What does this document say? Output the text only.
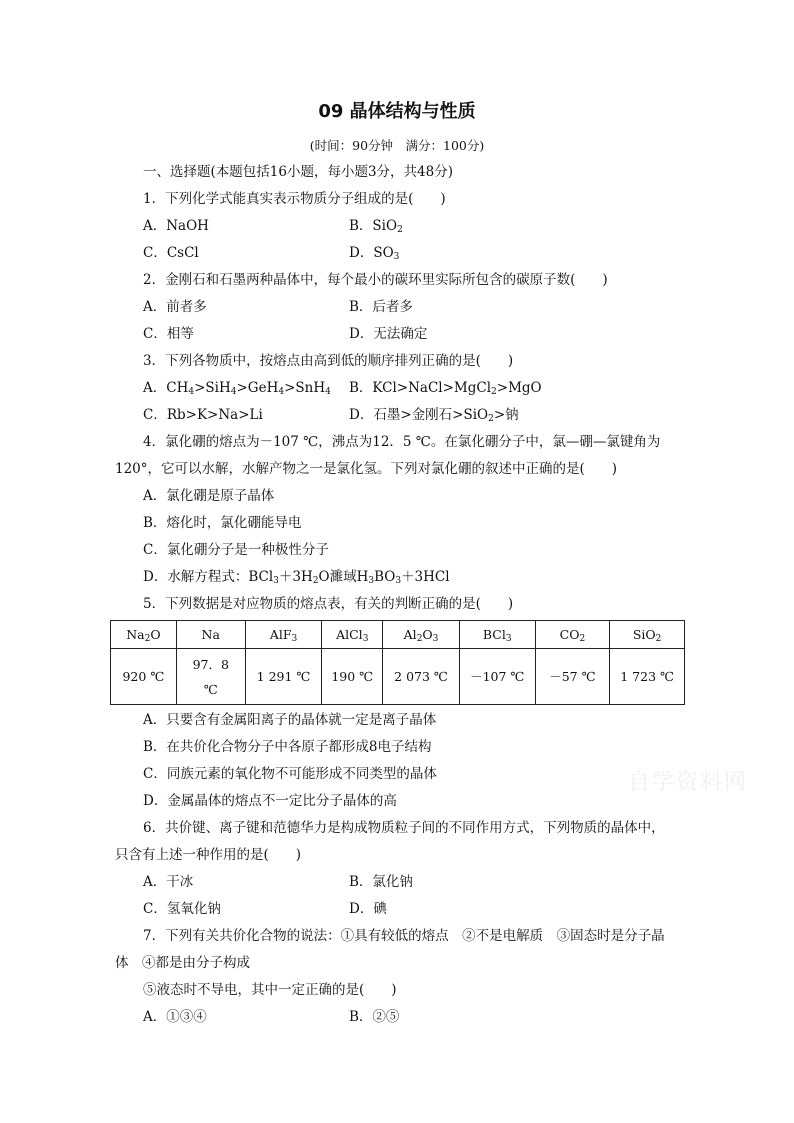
09 晶体结构与性质
(时间：90分钟　满分：100分)
一、选择题(本题包括16小题，每小题3分，共48分)
1．下列化学式能真实表示物质分子组成的是(　　)
A．NaOH	B．SiO$_2$
C．CsCl	D．$SO_3$
2．金刚石和石墨两种晶体中，每个最小的碳环里实际所包含的碳原子数(　　)
A．前者多	B．后者多
C．相等	D．无法确定
3．下列各物质中，按熔点由高到低的顺序排列正确的是(　　)
A．$CH_4>SiH_4>GeH_4>SnH_4$	B．KCl>NaCl>MgCl$_2$>MgO
C．Rb>K>Na>Li	D．石墨>金刚石>SiO$_2$>钠
4．氯化硼的熔点为－107 ℃，沸点为12．5 ℃。在氯化硼分子中，氯—硼—氯键角为
120°，它可以水解，水解产物之一是氯化氢。下列对氯化硼的叙述中正确的是(　　)
A．氯化硼是原子晶体
B．熔化时，氯化硼能导电
C．氯化硼分子是一种极性分子
D．水解方程式：$BCl_3+3H_2O$濉琙$H_3BO_3+3HCl$
5．下列数据是对应物质的熔点表，有关的判断正确的是(　　)
$Na_2O$	Na	AlF$_3$	AlCl$_3$	$Al_2O_3$	BCl$_3$	$CO_2$	SiO$_2$
920 ℃	97．8 ℃	1 291 ℃	190 ℃	2 073 ℃	－107 ℃	－57 ℃	1 723 ℃
A．只要含有金属阳离子的晶体就一定是离子晶体
B．在共价化合物分子中各原子都形成8电子结构
C．同族元素的氧化物不可能形成不同类型的晶体
D．金属晶体的熔点不一定比分子晶体的高
6．共价键、离子键和范德华力是构成物质粒子间的不同作用方式，下列物质的晶体中，
只含有上述一种作用的是(　　)
A．干冰	B．氯化钠
C．氢氧化钠	D．碘
7．下列有关共价化合物的说法：①具有较低的熔点　②不是电解质　③固态时是分子晶
体　④都是由分子构成
⑤液态时不导电，其中一定正确的是(　　)
A．①③④	B．②⑤
自学资料网
